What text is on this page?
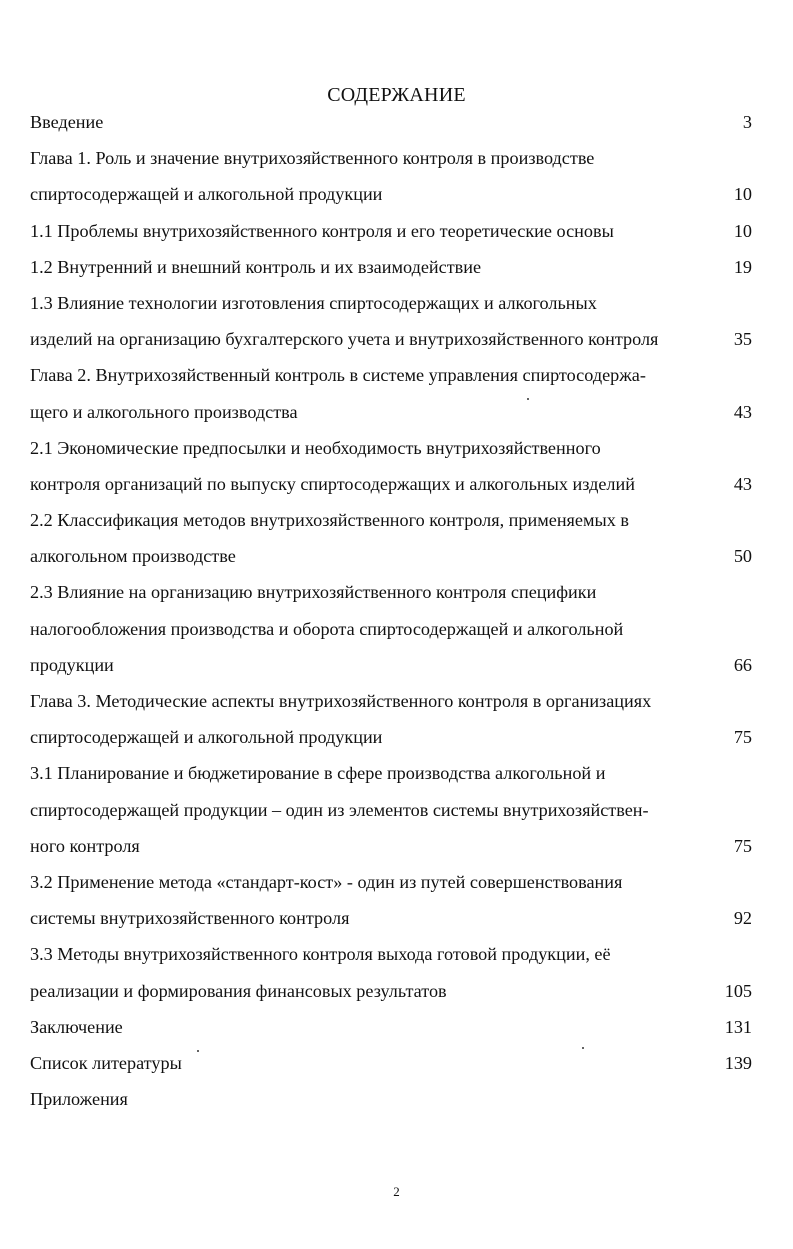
СОДЕРЖАНИЕ
Введение	3
Глава 1. Роль и значение внутрихозяйственного контроля в производстве
спиртосодержащей и алкогольной продукции	10
1.1 Проблемы внутрихозяйственного контроля и его теоретические основы	10
1.2 Внутренний и внешний контроль и их взаимодействие	19
1.3 Влияние технологии изготовления спиртосодержащих и алкогольных
изделий на организацию бухгалтерского учета и внутрихозяйственного контроля	35
Глава 2. Внутрихозяйственный контроль в системе управления спиртосодержа-
щего и алкогольного производства	43
2.1 Экономические предпосылки и необходимость внутрихозяйственного
контроля организаций по выпуску спиртосодержащих и алкогольных изделий	43
2.2 Классификация методов внутрихозяйственного контроля, применяемых в
алкогольном производстве	50
2.3 Влияние на организацию внутрихозяйственного контроля специфики
налогообложения производства и оборота спиртосодержащей и алкогольной
продукции	66
Глава 3. Методические аспекты внутрихозяйственного контроля в организациях
спиртосодержащей и алкогольной продукции	75
3.1 Планирование и бюджетирование в сфере производства алкогольной и
спиртосодержащей продукции – один из элементов системы внутрихозяйствен-
ного контроля	75
3.2 Применение метода «стандарт-кост» - один из путей совершенствования
системы внутрихозяйственного контроля	92
3.3 Методы внутрихозяйственного контроля выхода готовой продукции, её
реализации и формирования финансовых результатов	105
Заключение	131
Список литературы	139
Приложения
2
